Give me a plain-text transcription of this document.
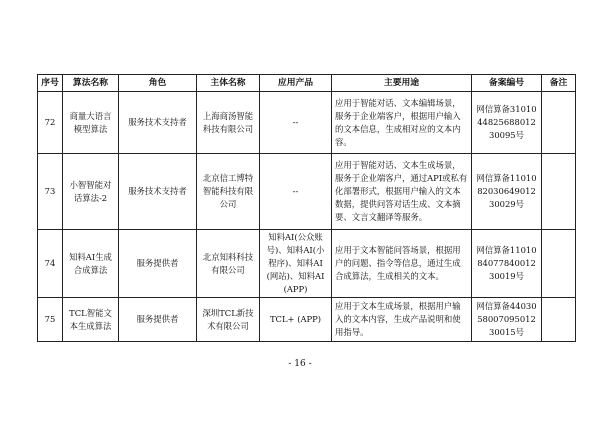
序号	算法名称	角色	主体名称	应用产品	主要用途	备案编号	备注
72	商量大语言模型算法	服务技术支持者	上海商汤智能科技有限公司	--	应用于智能对话、文本编辑场景，服务于企业端客户，根据用户输入的文本信息，生成相对应的文本内容。	网信算备310104482568801230095号	
73	小智智能对话算法-2	服务技术支持者	北京信工博特智能科技有限公司	--	应用于智能对话、文本生成场景，服务于企业端客户，通过API或私有化部署形式，根据用户输入的文本数据，提供问答对话生成、文本摘要、文言文翻译等服务。	网信算备110108203064901230029号	
74	知料AI生成合成算法	服务提供者	北京知料科技有限公司	知料AI(公众账号)、知料AI(小程序)、知料AI(网站)、知料AI(APP)	应用于文本智能问答场景，根据用户的问题、指令等信息，通过生成合成算法，生成相关的文本。	网信算备110108407784001230019号	
75	TCL智能文本生成算法	服务提供者	深圳TCL新技术有限公司	TCL+ (APP)	应用于文本生成场景，根据用户输入的文本内容，生成产品说明和使用指导。	网信算备440305800709501230015号	
- 16 -
